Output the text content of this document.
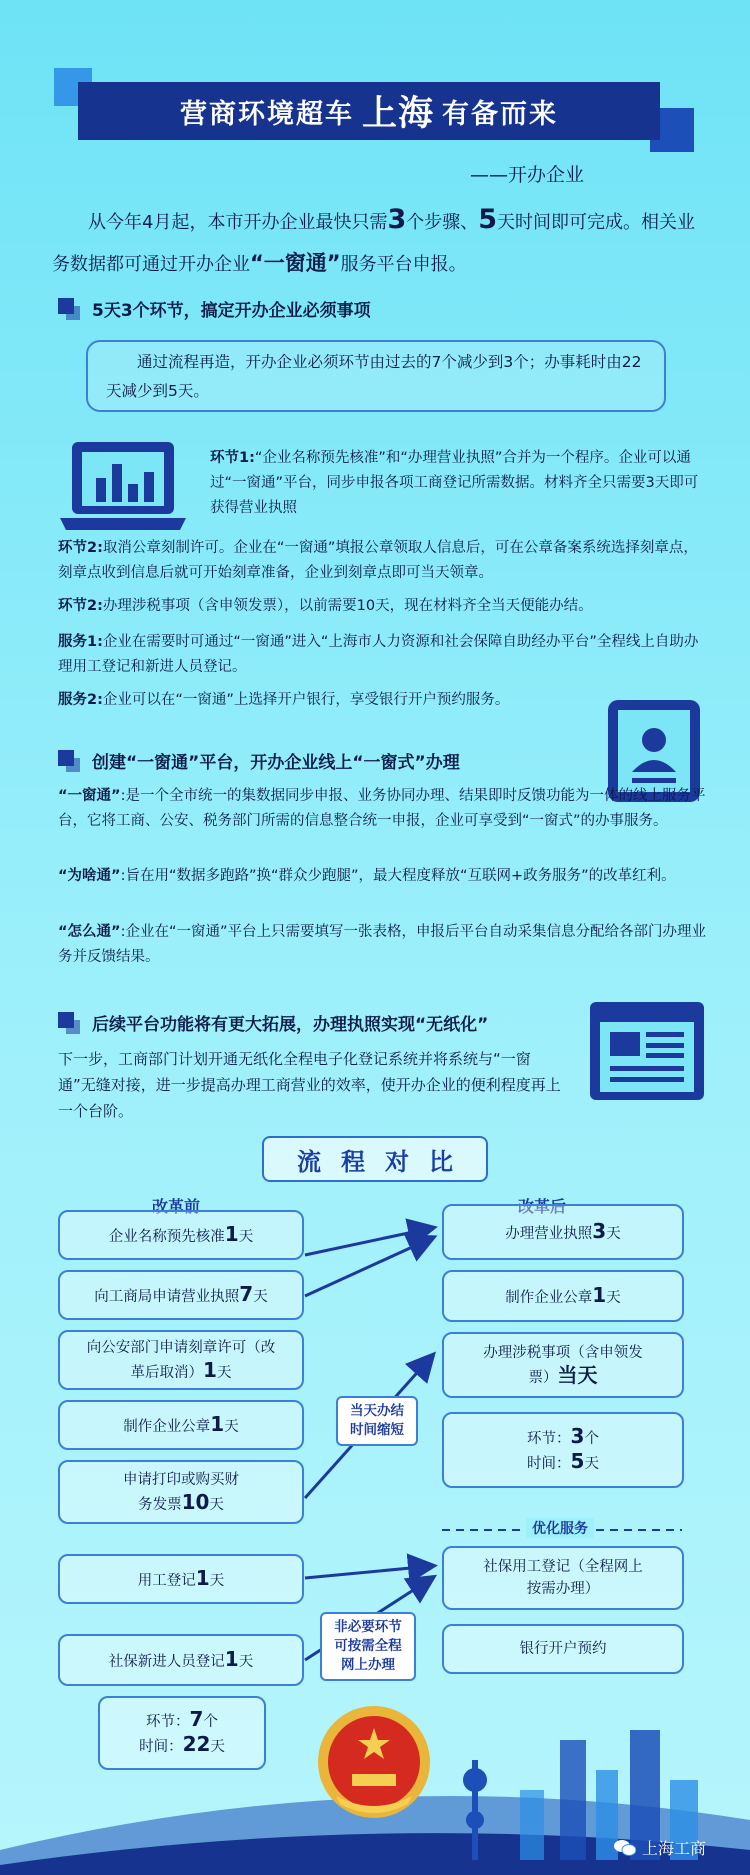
营商环境超车 上海 有备而来
——开办企业
从今年4月起，本市开办企业最快只需3个步骤、5天时间即可完成。相关业务数据都可通过开办企业“一窗通”服务平台申报。
5天3个环节，搞定开办企业必须事项
通过流程再造，开办企业必须环节由过去的7个减少到3个；办事耗时由22天减少到5天。
环节1:“企业名称预先核准”和“办理营业执照”合并为一个程序。企业可以通过“一窗通”平台，同步申报各项工商登记所需数据。材料齐全只需要3天即可获得营业执照
环节2:取消公章刻制许可。企业在“一窗通”填报公章领取人信息后，可在公章备案系统选择刻章点，刻章点收到信息后就可开始刻章准备，企业到刻章点即可当天领章。
环节2:办理涉税事项（含申领发票），以前需要10天，现在材料齐全当天便能办结。
服务1:企业在需要时可通过“一窗通”进入“上海市人力资源和社会保障自助经办平台”全程线上自助办理用工登记和新进人员登记。
服务2:企业可以在“一窗通”上选择开户银行，享受银行开户预约服务。
创建“一窗通”平台，开办企业线上“一窗式”办理
“一窗通”:是一个全市统一的集数据同步申报、业务协同办理、结果即时反馈功能为一体的线上服务平台，它将工商、公安、税务部门所需的信息整合统一申报，企业可享受到“一窗式”的办事服务。
“为啥通”:旨在用“数据多跑路”换“群众少跑腿”，最大程度释放“互联网+政务服务”的改革红利。
“怎么通”:企业在“一窗通”平台上只需要填写一张表格，申报后平台自动采集信息分配给各部门办理业务并反馈结果。
后续平台功能将有更大拓展，办理执照实现“无纸化”
下一步，工商部门计划开通无纸化全程电子化登记系统并将系统与“一窗通”无缝对接，进一步提高办理工商营业的效率，使开办企业的便利程度再上一个台阶。
流程对比
改革前	改革后
企业名称预先核准1天
向工商局申请营业执照7天
向公安部门申请刻章许可（改革后取消）1天
制作企业公章1天
申请打印或购买财务发票10天
用工登记1天
社保新进人员登记1天
环节：7个
时间：22天
当天办结时间缩短
非必要环节可按需全程网上办理
办理营业执照3天
制作企业公章1天
办理涉税事项（含申领发票）当天
环节：3个
时间：5天
优化服务
社保用工登记（全程网上按需办理）
银行开户预约
上海工商
